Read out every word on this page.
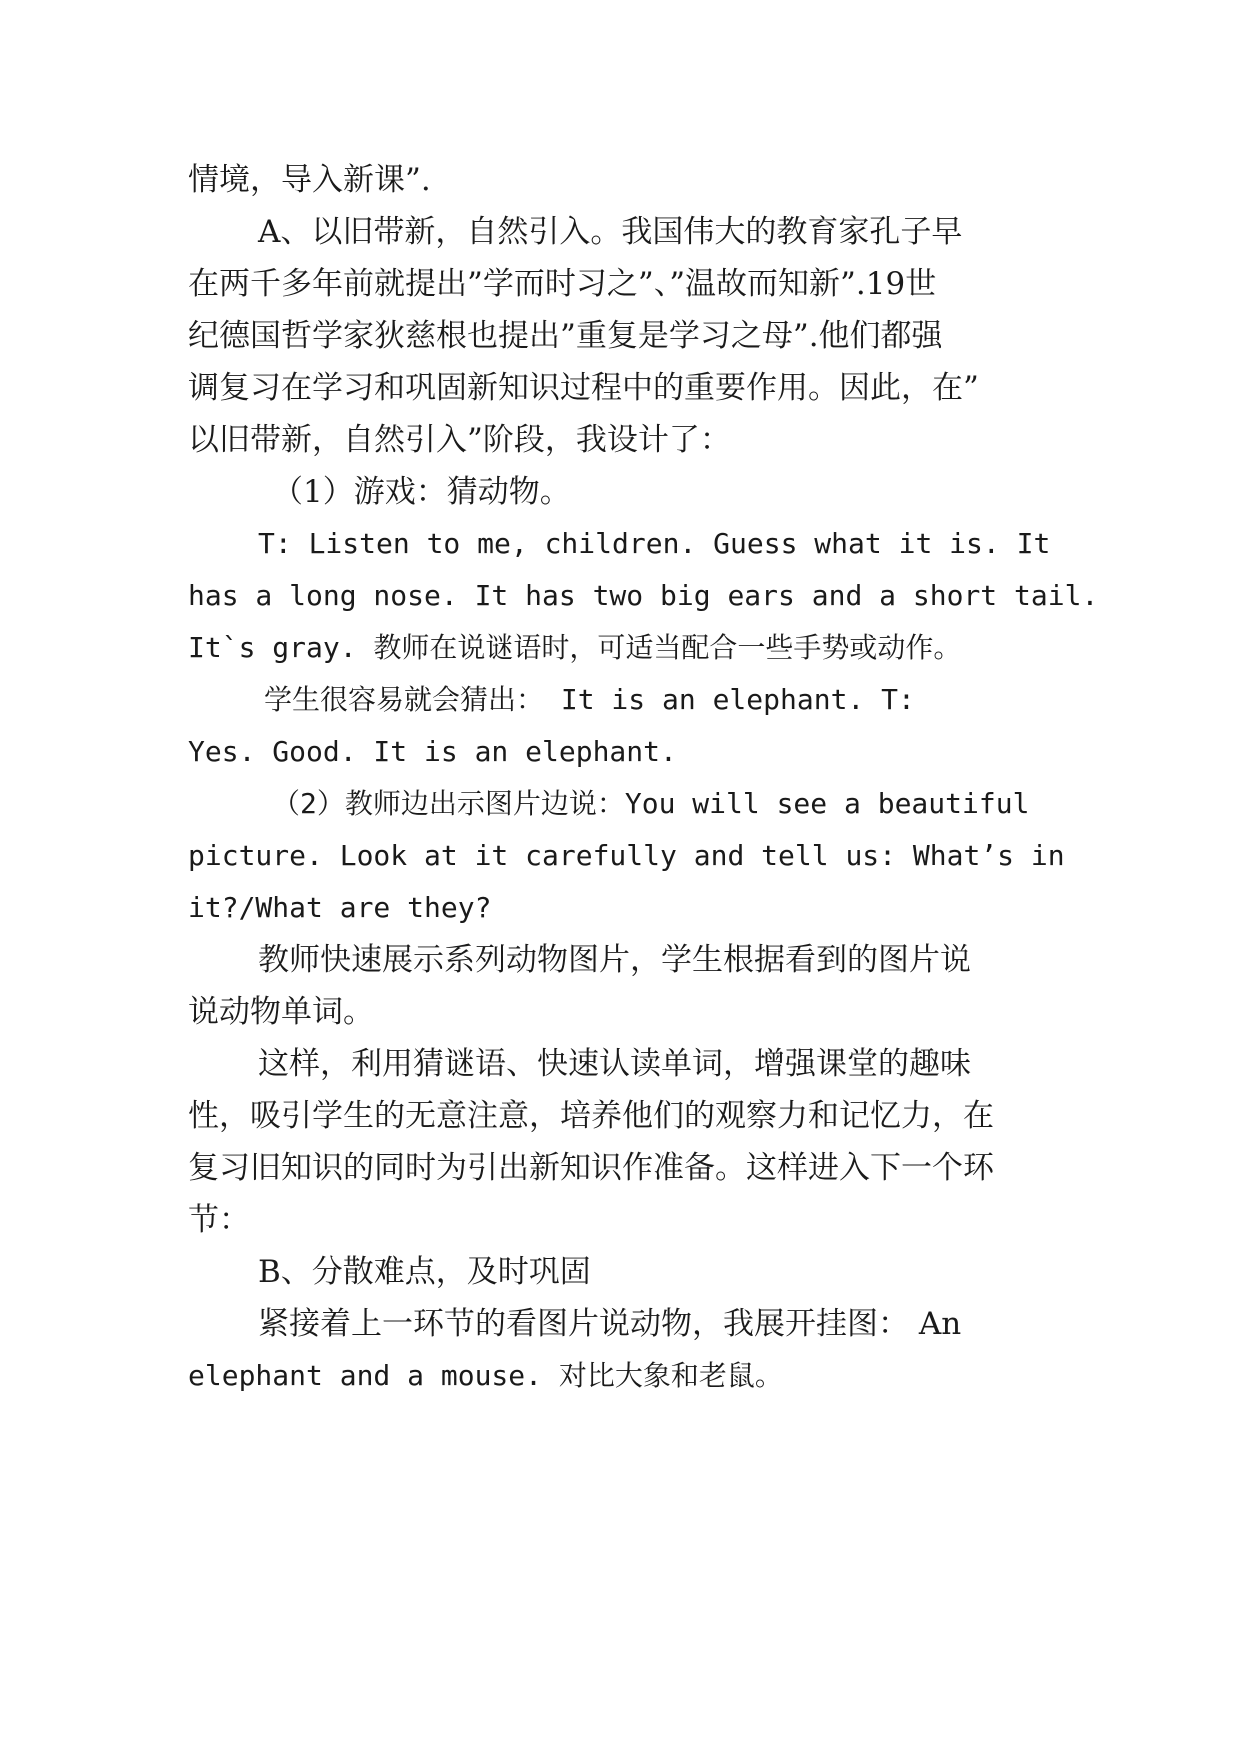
情境，导入新课”.
A、以旧带新，自然引入。我国伟大的教育家孔子早
在两千多年前就提出”学而时习之”、”温故而知新”.19世
纪德国哲学家狄慈根也提出”重复是学习之母”.他们都强
调复习在学习和巩固新知识过程中的重要作用。因此，在”
以旧带新，自然引入”阶段，我设计了：
（1）游戏：猜动物。
T: Listen to me, children. Guess what it is. It
has a long nose. It has two big ears and a short tail.
It`s gray. 教师在说谜语时，可适当配合一些手势或动作。
学生很容易就会猜出： It is an elephant. T:
Yes. Good. It is an elephant.
（2）教师边出示图片边说：You will see a beautiful
picture. Look at it carefully and tell us: What’s in
it?/What are they?
教师快速展示系列动物图片，学生根据看到的图片说
说动物单词。
这样，利用猜谜语、快速认读单词，增强课堂的趣味
性，吸引学生的无意注意，培养他们的观察力和记忆力，在
复习旧知识的同时为引出新知识作准备。这样进入下一个环
节：
B、分散难点，及时巩固
紧接着上一环节的看图片说动物，我展开挂图： An
elephant and a mouse. 对比大象和老鼠。
